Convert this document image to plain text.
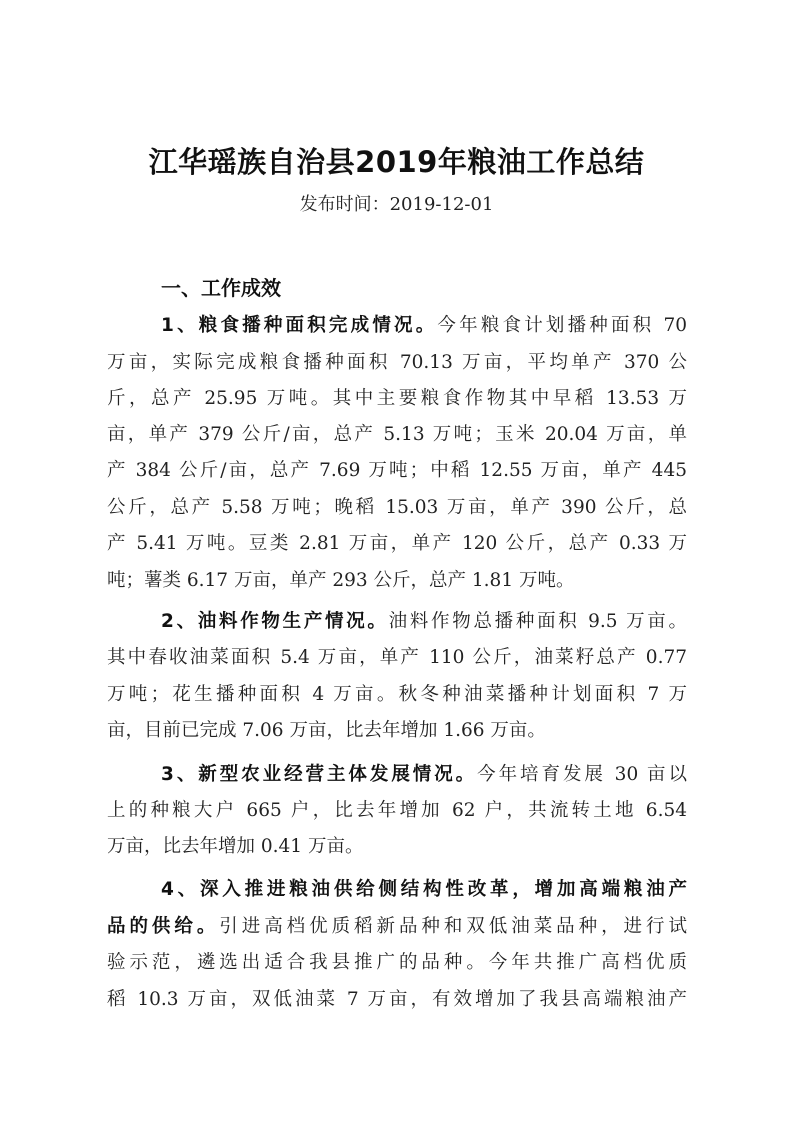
江华瑶族自治县2019年粮油工作总结
发布时间：2019-12-01
一、工作成效
1、粮食播种面积完成情况。今年粮食计划播种面积 70
万亩，实际完成粮食播种面积 70.13 万亩，平均单产 370 公
斤，总产 25.95 万吨。其中主要粮食作物其中早稻 13.53 万
亩，单产 379 公斤/亩，总产 5.13 万吨；玉米 20.04 万亩，单
产 384 公斤/亩，总产 7.69 万吨；中稻 12.55 万亩，单产 445
公斤，总产 5.58 万吨；晚稻 15.03 万亩，单产 390 公斤，总
产 5.41 万吨。豆类 2.81 万亩，单产 120 公斤，总产 0.33 万
吨；薯类 6.17 万亩，单产 293 公斤，总产 1.81 万吨。
2、油料作物生产情况。油料作物总播种面积 9.5 万亩。
其中春收油菜面积 5.4 万亩，单产 110 公斤，油菜籽总产 0.77
万吨；花生播种面积 4 万亩。秋冬种油菜播种计划面积 7 万
亩，目前已完成 7.06 万亩，比去年增加 1.66 万亩。
3、新型农业经营主体发展情况。今年培育发展 30 亩以
上的种粮大户 665 户，比去年增加 62 户，共流转土地 6.54
万亩，比去年增加 0.41 万亩。
4、深入推进粮油供给侧结构性改革，增加高端粮油产
品的供给。引进高档优质稻新品种和双低油菜品种，进行试
验示范，遴选出适合我县推广的品种。今年共推广高档优质
稻 10.3 万亩，双低油菜 7 万亩，有效增加了我县高端粮油产
